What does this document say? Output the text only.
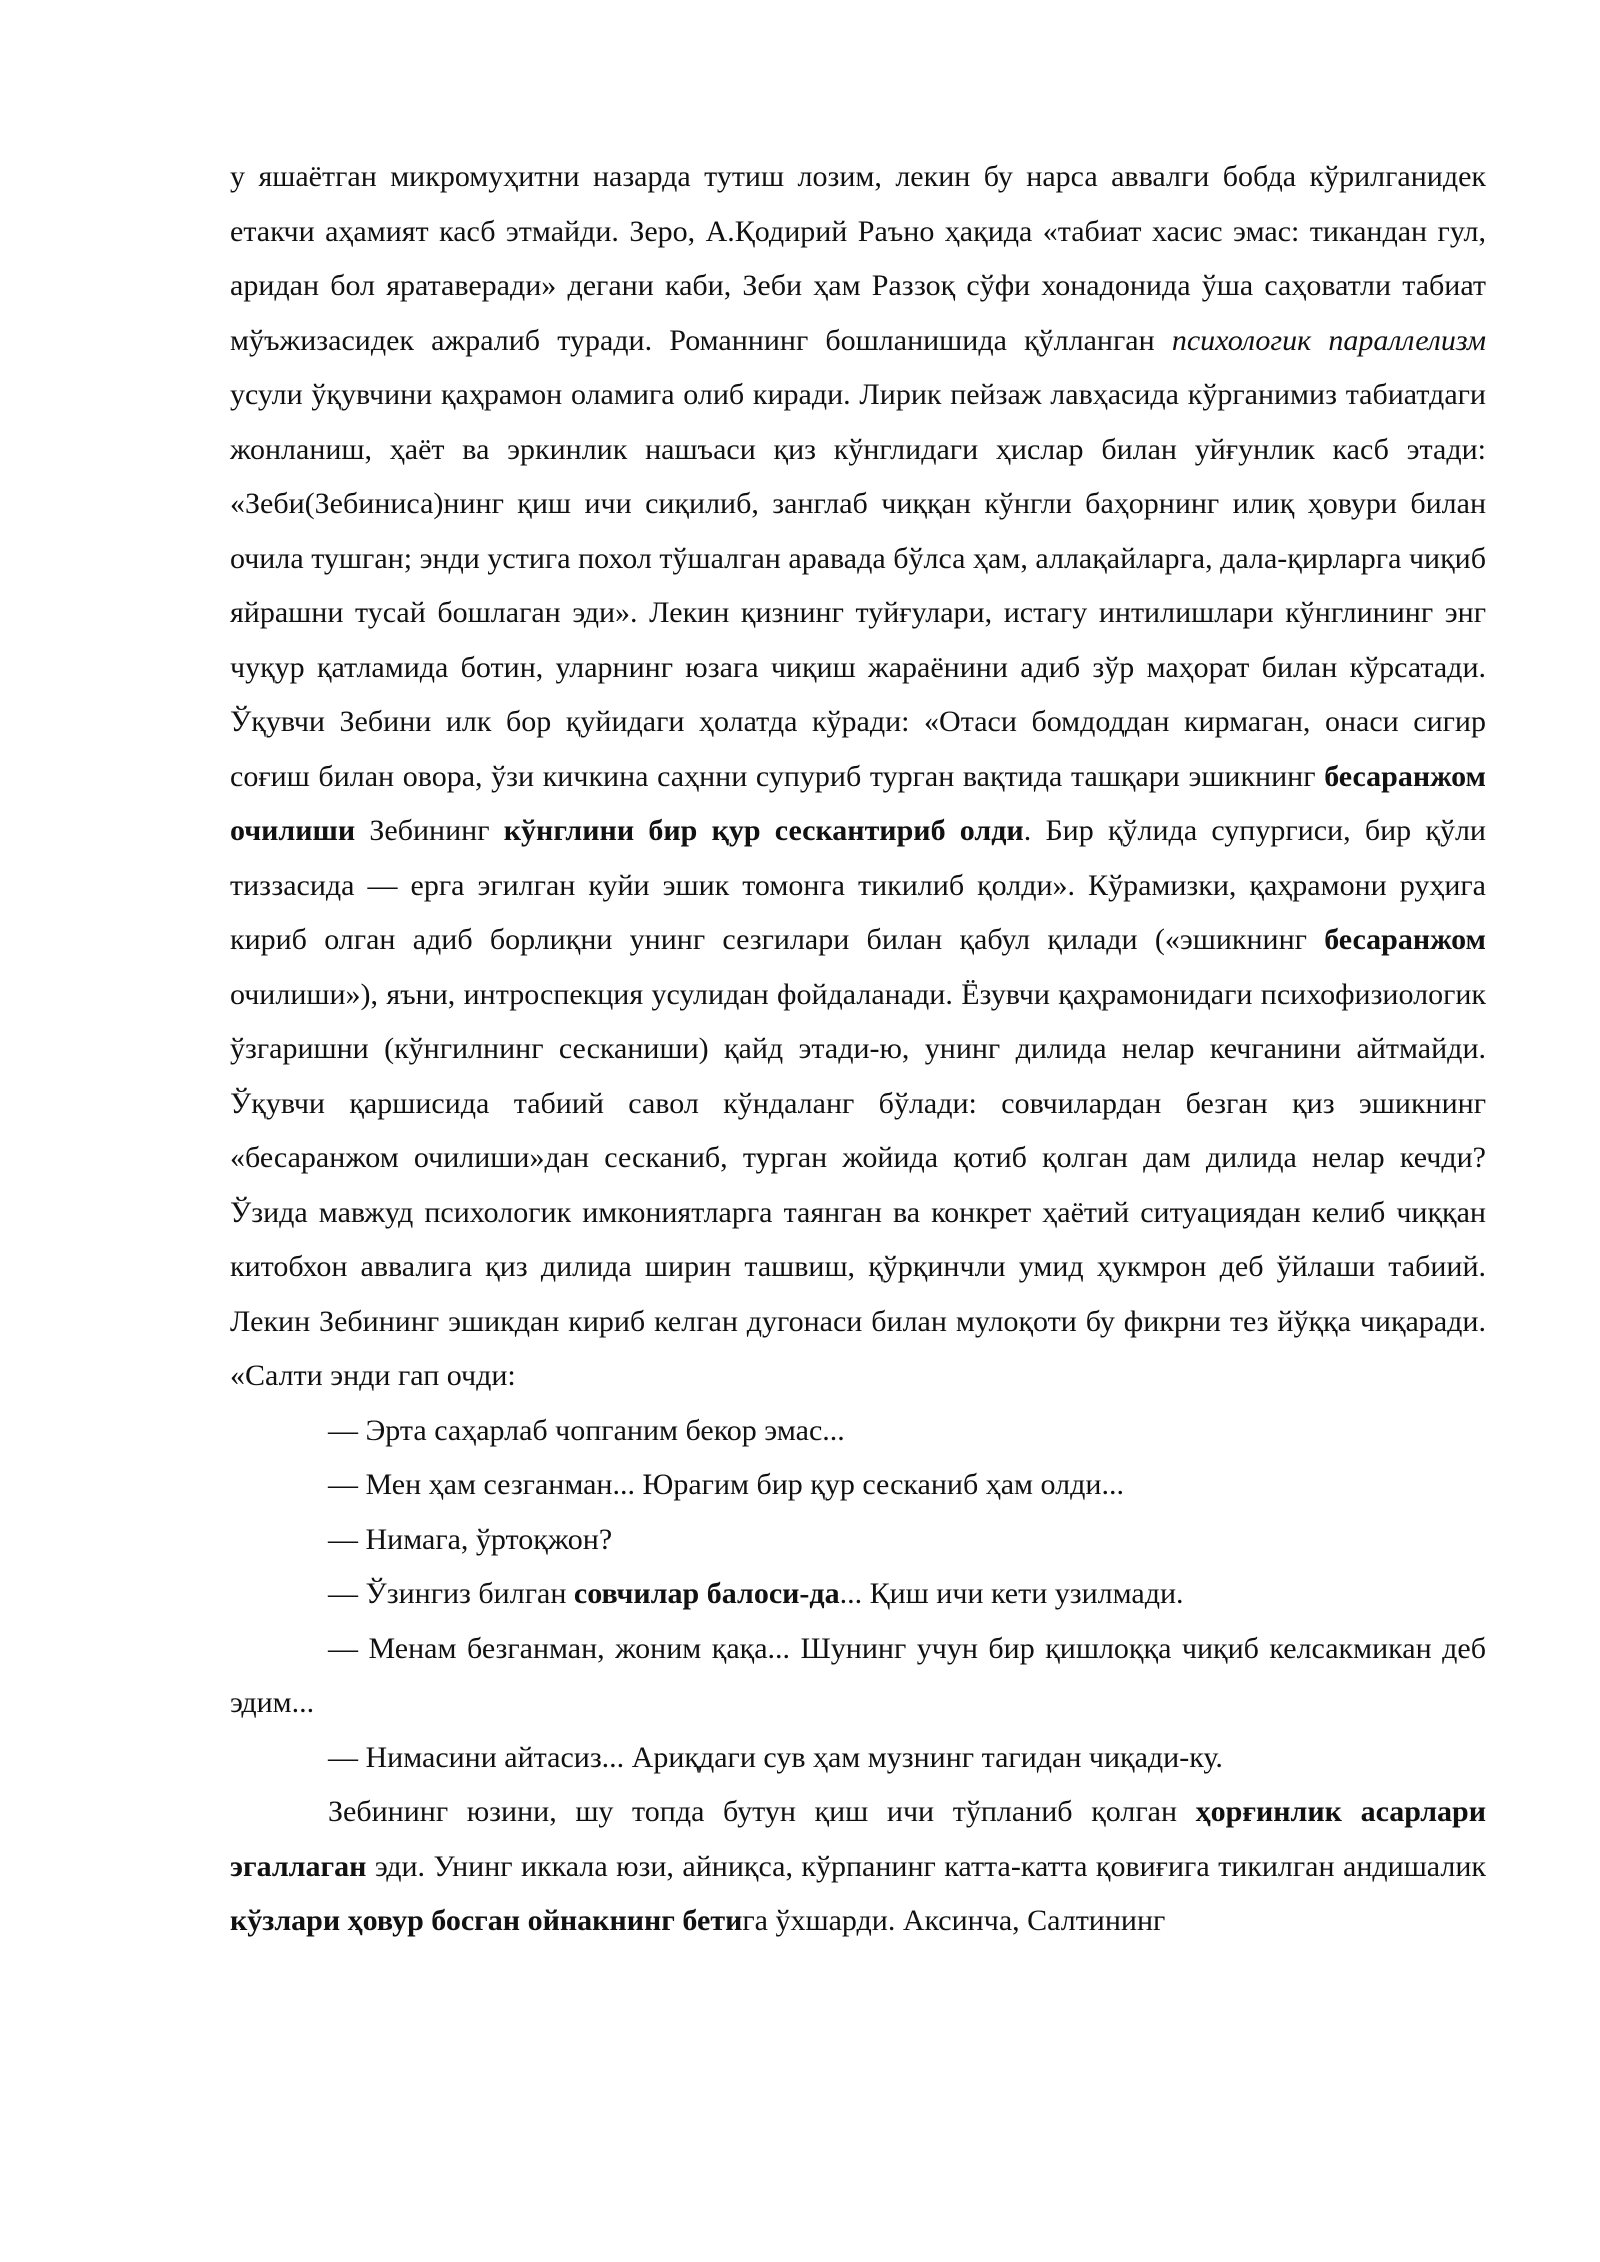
у яшаётган микромуҳитни назарда тутиш лозим, лекин бу нарса аввалги бобда кўрилганидек етакчи аҳамият касб этмайди. Зеро, А.Қодирий Раъно ҳақида «табиат хасис эмас: тикандан гул, аридан бол яратаверади» дегани каби, Зеби ҳам Раззоқ сўфи хонадонида ўша саҳоватли табиат мўъжизасидек ажралиб туради. Романнинг бошланишида қўлланган психологик параллелизм усули ўқувчини қаҳрамон оламига олиб киради. Лирик пейзаж лавҳасида кўрганимиз табиатдаги жонланиш, ҳаёт ва эркинлик нашъаси қиз кўнглидаги ҳислар билан уйғунлик касб этади: «Зеби(Зебиниса)нинг қиш ичи сиқилиб, занглаб чиққан кўнгли баҳорнинг илиқ ҳовури билан очила тушган; энди устига похол тўшалган аравада бўлса ҳам, аллақайларга, дала-қирларга чиқиб яйрашни тусай бошлаган эди». Лекин қизнинг туйғулари, истагу интилишлари кўнглининг энг чуқур қатламида ботин, уларнинг юзага чиқиш жараёнини адиб зўр маҳорат билан кўрсатади. Ўқувчи Зебини илк бор қуйидаги ҳолатда кўради: «Отаси бомдоддан кирмаган, онаси сигир соғиш билан овора, ўзи кичкина саҳнни супуриб турган вақтида ташқари эшикнинг бесаранжом очилиши Зебининг кўнглини бир қур сескантириб олди. Бир қўлида супургиси, бир қўли тиззасида — ерга эгилган куйи эшик томонга тикилиб қолди». Кўрамизки, қаҳрамони руҳига кириб олган адиб борлиқни унинг сезгилари билан қабул қилади («эшикнинг бесаранжом очилиши»), яъни, интроспекция усулидан фойдаланади. Ёзувчи қаҳрамонидаги психофизиологик ўзгаришни (кўнгилнинг сесканиши) қайд этади-ю, унинг дилида нелар кечганини айтмайди. Ўқувчи қаршисида табиий савол кўндаланг бўлади: совчилардан безган қиз эшикнинг «бесаранжом очилиши»дан сесканиб, турган жойида қотиб қолган дам дилида нелар кечди? Ўзида мавжуд психологик имкониятларга таянган ва конкрет ҳаётий ситуациядан келиб чиққан китобхон аввалига қиз дилида ширин ташвиш, қўрқинчли умид ҳукмрон деб ўйлаши табиий. Лекин Зебининг эшикдан кириб келган дугонаси билан мулоқоти бу фикрни тез йўққа чиқаради. «Салти энди гап очди:

— Эрта саҳарлаб чопганим бекор эмас...

— Мен ҳам сезганман... Юрагим бир қур сесканиб ҳам олди...

— Нимага, ўртоқжон?

— Ўзингиз билган совчилар балоси-да... Қиш ичи кети узилмади.

— Менам безганман, жоним қақа... Шунинг учун бир қишлоққа чиқиб келсакмикан деб эдим...

— Нимасини айтасиз... Ариқдаги сув ҳам музнинг тагидан чиқади-ку.

Зебининг юзини, шу топда бутун қиш ичи тўпланиб қолган ҳорғинлик асарлари эгаллаган эди. Унинг иккала юзи, айниқса, кўрпанинг катта-катта қовиғига тикилган андишалик кўзлари ҳовур босган ойнакнинг бетига ўхшарди. Аксинча, Салтининг
